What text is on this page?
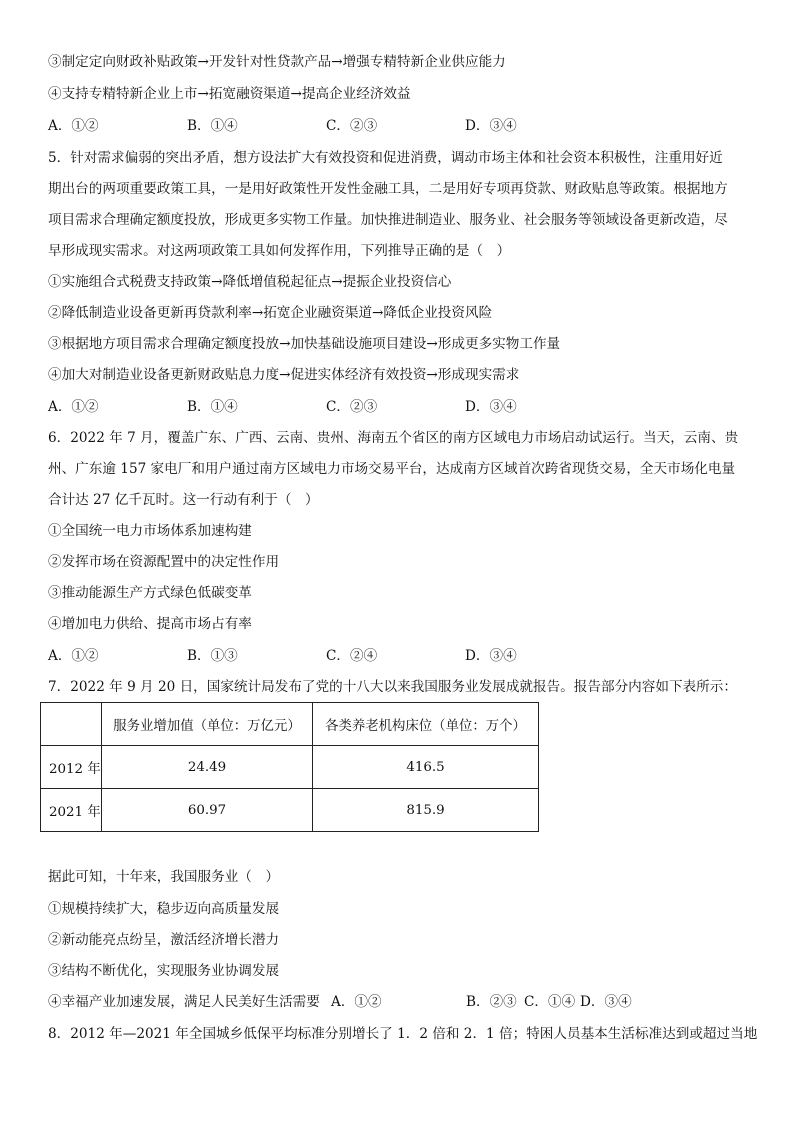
③制定定向财政补贴政策→开发针对性贷款产品→增强专精特新企业供应能力
④支持专精特新企业上市→拓宽融资渠道→提高企业经济效益
A．①②	B．①④	C．②③	D．③④
5．针对需求偏弱的突出矛盾，想方设法扩大有效投资和促进消费，调动市场主体和社会资本积极性，注重用好近
期出台的两项重要政策工具，一是用好政策性开发性金融工具，二是用好专项再贷款、财政贴息等政策。根据地方
项目需求合理确定额度投放，形成更多实物工作量。加快推进制造业、服务业、社会服务等领域设备更新改造，尽
早形成现实需求。对这两项政策工具如何发挥作用，下列推导正确的是（　）
①实施组合式税费支持政策→降低增值税起征点→提振企业投资信心
②降低制造业设备更新再贷款利率→拓宽企业融资渠道→降低企业投资风险
③根据地方项目需求合理确定额度投放→加快基础设施项目建设→形成更多实物工作量
④加大对制造业设备更新财政贴息力度→促进实体经济有效投资→形成现实需求
A．①②	B．①④	C．②③	D．③④
6．2022 年 7 月，覆盖广东、广西、云南、贵州、海南五个省区的南方区域电力市场启动试运行。当天，云南、贵
州、广东逾 157 家电厂和用户通过南方区域电力市场交易平台，达成南方区域首次跨省现货交易，全天市场化电量
合计达 27 亿千瓦时。这一行动有利于（　）
①全国统一电力市场体系加速构建
②发挥市场在资源配置中的决定性作用
③推动能源生产方式绿色低碳变革
④增加电力供给、提高市场占有率
A．①②	B．①③	C．②④	D．③④
7．2022 年 9 月 20 日，国家统计局发布了党的十八大以来我国服务业发展成就报告。报告部分内容如下表所示：
	服务业增加值（单位：万亿元）	各类养老机构床位（单位：万个）
2012 年	24.49	416.5
2021 年	60.97	815.9
据此可知，十年来，我国服务业（　）
①规模持续扩大，稳步迈向高质量发展
②新动能亮点纷呈，激活经济增长潜力
③结构不断优化，实现服务业协调发展
④幸福产业加速发展，满足人民美好生活需要 A．①②	B．②③ C．①④ D．③④
8．2012 年—2021 年全国城乡低保平均标准分别增长了 1．2 倍和 2．1 倍；特困人员基本生活标准达到或超过当地
